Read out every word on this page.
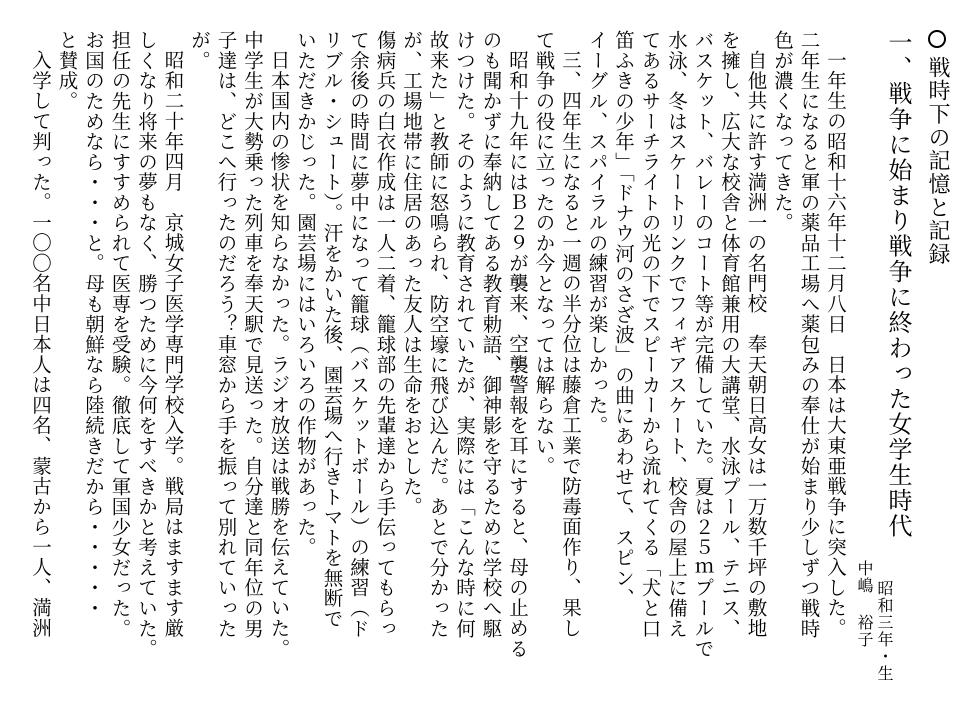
戦時下の記憶と記録
一、戦争に始まり戦争に終わった女学生時代
中嶋 裕子 昭和三年・生
一年生の昭和十六年十二月八日　日本は大東亜戦争に突入した。
二年生になると軍の薬品工場へ薬包みの奉仕が始まり少しずつ戦時
色が濃くなってきた。
自他共に許す満洲一の名門校　奉天朝日高女は一万数千坪の敷地
を擁し、広大な校舎と体育館兼用の大講堂、水泳プール、テニス、
バスケット、バレーのコート等が完備していた。夏は２５ｍプールで
水泳、冬はスケートリンクでフィギアスケート、校舎の屋上に備え
てあるサーチライトの光の下でスピーカーから流れてくる「犬と口
笛ふきの少年」「ドナウ河のさざ波」の曲にあわせて、スピン、
イーグル、スパイラルの練習が楽しかった。
三、四年生になると一週の半分位は藤倉工業で防毒面作り、果し
て戦争の役に立ったのか今となっては解らない。
昭和十九年にはＢ２９が襲来、空襲警報を耳にすると、母の止める
のも聞かずに奉納してある教育勅語、御神影を守るために学校へ駆
けつけた。そのように教育されていたが、実際には「こんな時に何
故来た」と教師に怒鳴られ、防空壕に飛び込んだ。あとで分かった
が、工場地帯に住居のあった友人は生命をおとした。
傷病兵の白衣作成は一人二着、籠球部の先輩達から手伝ってもらっ
て余後の時間に夢中になって籠球（バスケットボール）の練習（ド
リブル・シュート）。汗をかいた後、園芸場へ行きトマトを無断で
いただきかじった。園芸場にはいろいろの作物があった。
日本国内の惨状を知らなかった。ラジオ放送は戦勝を伝えていた。
中学生が大勢乗った列車を奉天駅で見送った。自分達と同年位の男
子達は、どこへ行ったのだろう？車窓から手を振って別れていった
が。
昭和二十年四月　京城女子医学専門学校入学。戦局はますます厳
しくなり将来の夢もなく、勝つために今何をすべきかと考えていた。
担任の先生にすすめられて医専を受験。徹底して軍国少女だった。
お国のためなら・・・と。母も朝鮮なら陸続きだから・・・・・
と賛成。
入学して判った。一〇〇名中日本人は四名、蒙古から一人、満洲
